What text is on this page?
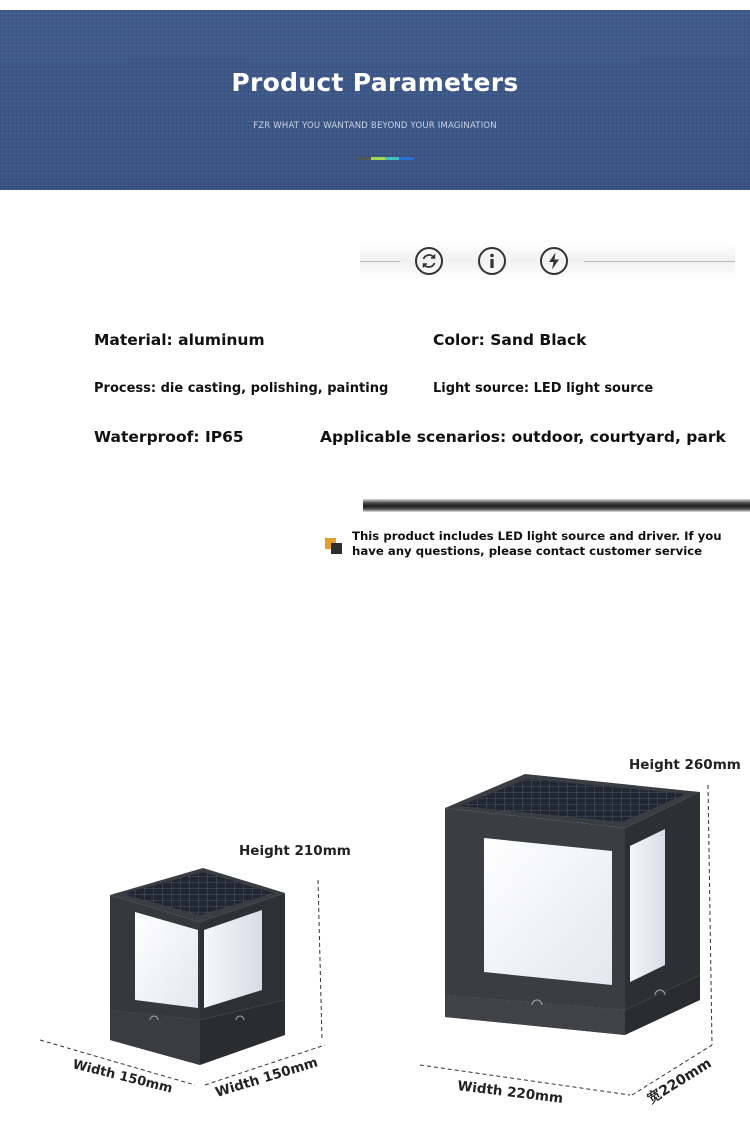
Product Parameters
FZR WHAT YOU WANTAND BEYOND YOUR IMAGINATION
Material: aluminum	Color: Sand Black
Process: die casting, polishing, painting	Light source: LED light source
Waterproof: IP65	Applicable scenarios: outdoor, courtyard, park
This product includes LED light source and driver. If you have any questions, please contact customer service
Height 210mm
Width 150mm	Width 150mm
Height 260mm
Width 220mm	宽220mm
